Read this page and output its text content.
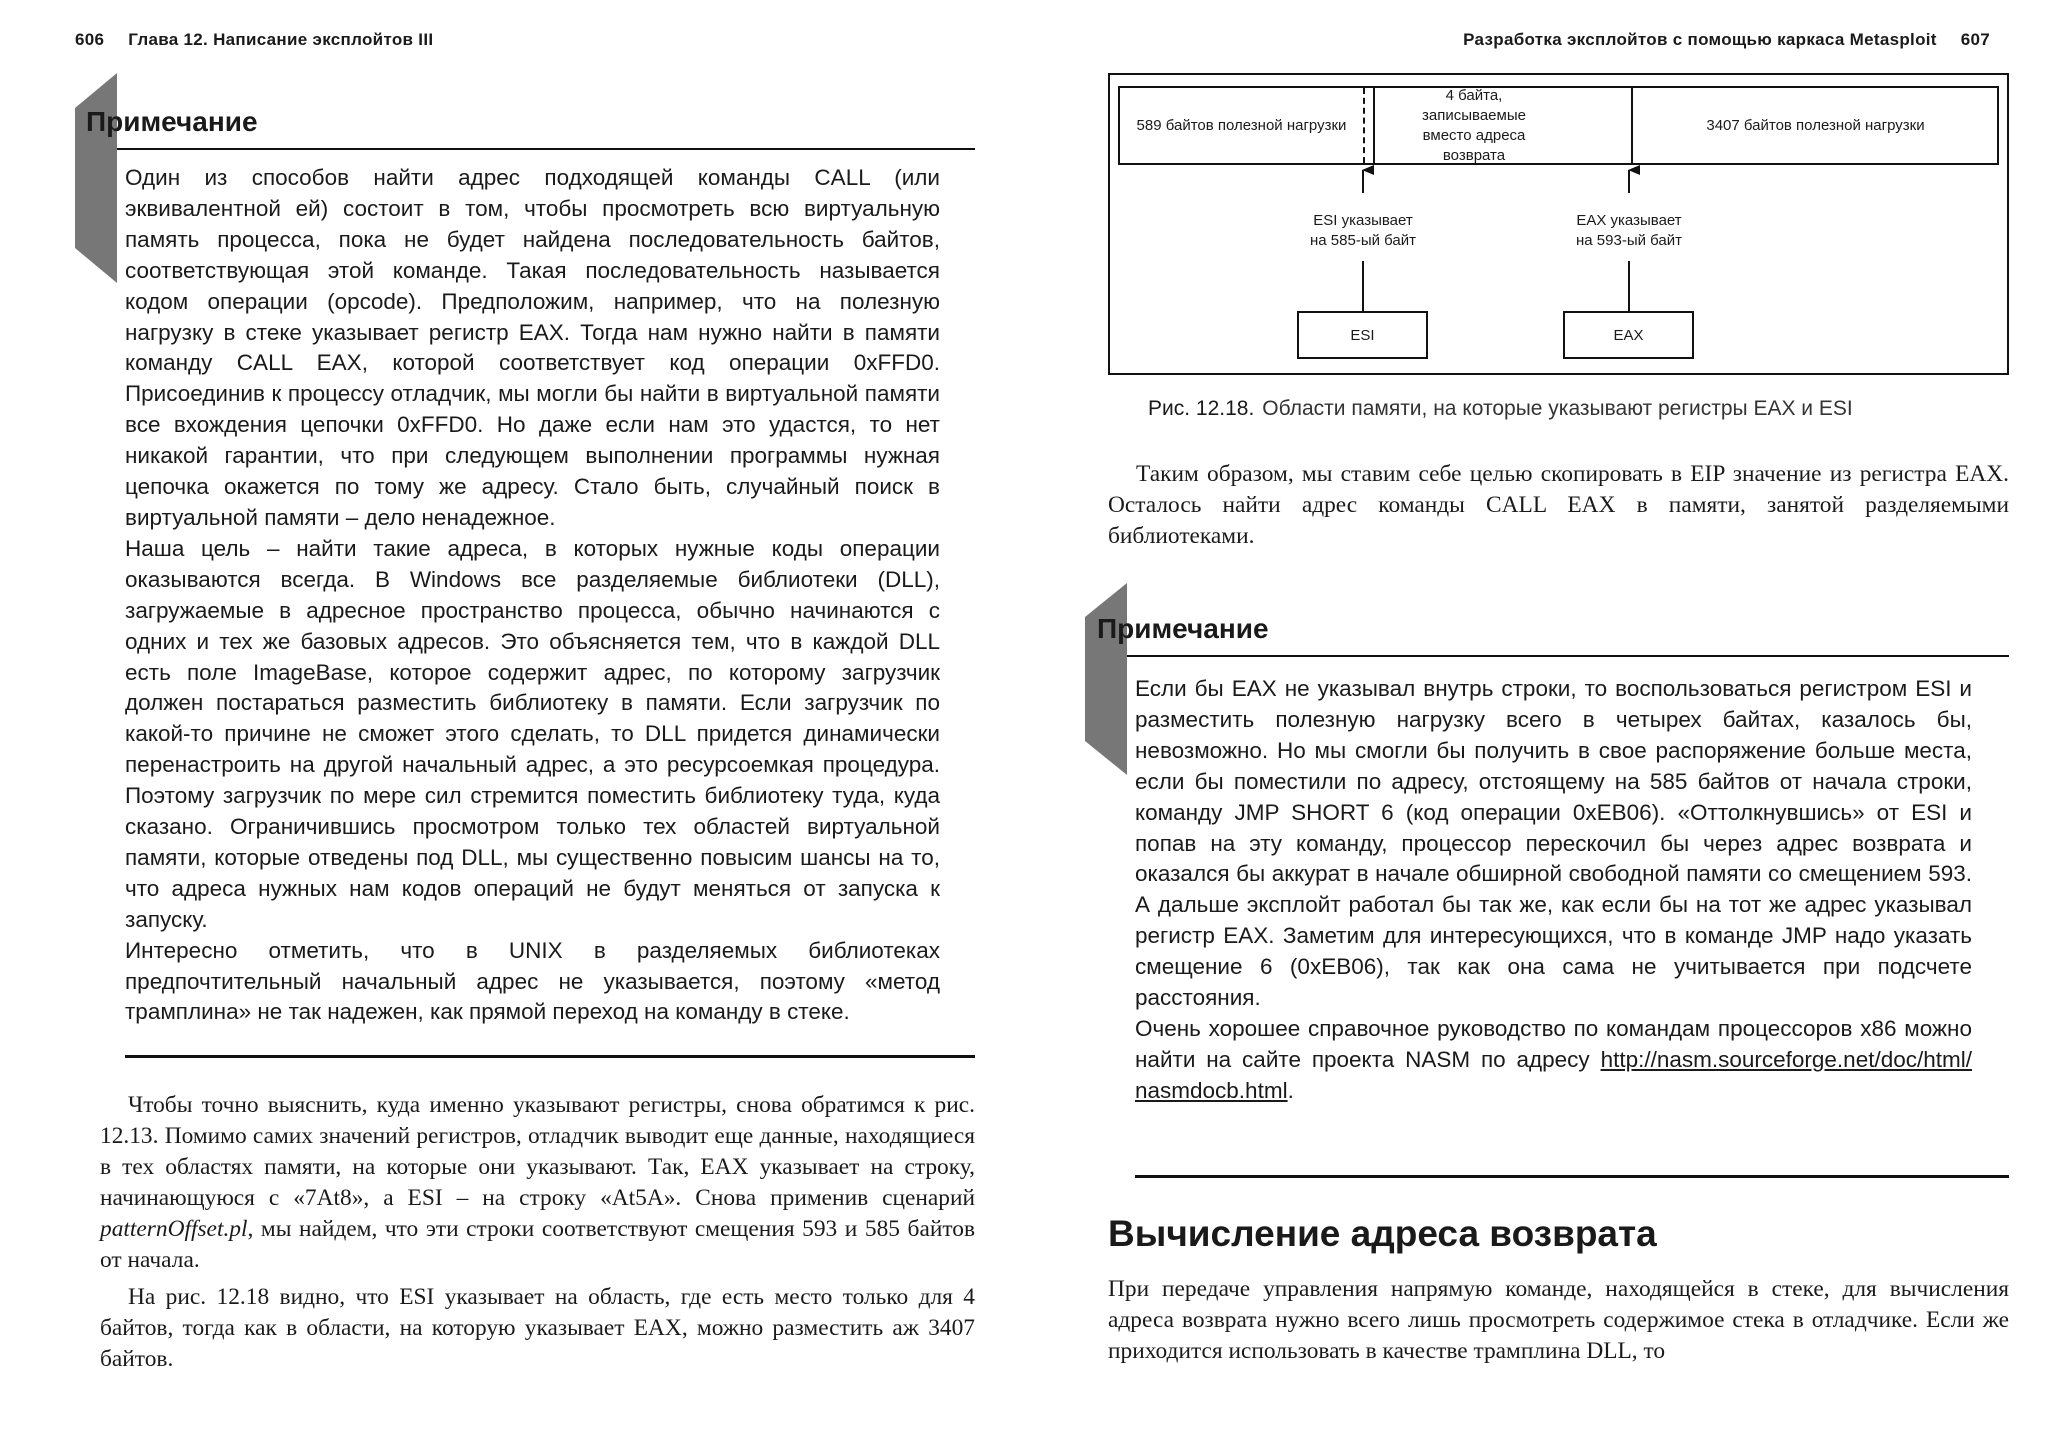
606 Глава 12. Написание эксплойтов III
Примечание

Один из способов найти адрес подходящей команды CALL (или эквивалентной ей) состоит в том, чтобы просмотреть всю виртуальную память процесса, пока не будет найдена последовательность байтов, соответствующая этой команде. Такая последовательность называется кодом операции (opcode). Предположим, например, что на полезную нагрузку в стеке указывает регистр EAX. Тогда нам нужно найти в памяти команду CALL EAX, которой соответствует код операции 0xFFD0. Присоединив к процессу отладчик, мы могли бы найти в виртуальной памяти все вхождения цепочки 0xFFD0. Но даже если нам это удастся, то нет никакой гарантии, что при следующем выполнении программы нужная цепочка окажется по тому же адресу. Стало быть, случайный поиск в виртуальной памяти – дело ненадежное.

Наша цель – найти такие адреса, в которых нужные коды операции оказываются всегда. В Windows все разделяемые библиотеки (DLL), загружаемые в адресное пространство процесса, обычно начинаются с одних и тех же базовых адресов. Это объясняется тем, что в каждой DLL есть поле ImageBase, которое содержит адрес, по которому загрузчик должен постараться разместить библиотеку в памяти. Если загрузчик по какой-то причине не сможет этого сделать, то DLL придется динамически перенастроить на другой начальный адрес, а это ресурсоемкая процедура. Поэтому загрузчик по мере сил стремится поместить библиотеку туда, куда сказано. Ограничившись просмотром только тех областей виртуальной памяти, которые отведены под DLL, мы существенно повысим шансы на то, что адреса нужных нам кодов операций не будут меняться от запуска к запуску.

Интересно отметить, что в UNIX в разделяемых библиотеках предпочтительный начальный адрес не указывается, поэтому «метод трамплина» не так надежен, как прямой переход на команду в стеке.

Чтобы точно выяснить, куда именно указывают регистры, снова обратимся к рис. 12.13. Помимо самих значений регистров, отладчик выводит еще данные, находящиеся в тех областях памяти, на которые они указывают. Так, EAX указывает на строку, начинающуюся с «7At8», а ESI – на строку «At5A». Снова применив сценарий patternOffset.pl, мы найдем, что эти строки соответствуют смещения 593 и 585 байтов от начала.

На рис. 12.18 видно, что ESI указывает на область, где есть место только для 4 байтов, тогда как в области, на которую указывает EAX, можно разместить аж 3407 байтов.

Разработка эксплойтов с помощью каркаса Metasploit 607
589 байтов полезной нагрузки
4 байта, записываемые вместо адреса возврата
3407 байтов полезной нагрузки
ESI указывает
на 585-ый байт
EAX указывает
на 593-ый байт
ESI	EAX
Рис. 12.18. Области памяти, на которые указывают регистры EAX и ESI

Таким образом, мы ставим себе целью скопировать в EIP значение из регистра EAX. Осталось найти адрес команды CALL EAX в памяти, занятой разделяемыми библиотеками.

Примечание

Если бы EAX не указывал внутрь строки, то воспользоваться регистром ESI и разместить полезную нагрузку всего в четырех байтах, казалось бы, невозможно. Но мы смогли бы получить в свое распоряжение больше места, если бы поместили по адресу, отстоящему на 585 байтов от начала строки, команду JMP SHORT 6 (код операции 0xEB06). «Оттолкнувшись» от ESI и попав на эту команду, процессор перескочил бы через адрес возврата и оказался бы аккурат в начале обширной свободной памяти со смещением 593. А дальше эксплойт работал бы так же, как если бы на тот же адрес указывал регистр EAX. Заметим для интересующихся, что в команде JMP надо указать смещение 6 (0xEB06), так как она сама не учитывается при подсчете расстояния.

Очень хорошее справочное руководство по командам процессоров x86 можно найти на сайте проекта NASM по адресу http://nasm.sourceforge.net/doc/html/ nasmdocb.html.

Вычисление адреса возврата

При передаче управления напрямую команде, находящейся в стеке, для вычисления адреса возврата нужно всего лишь просмотреть содержимое стека в отладчике. Если же приходится использовать в качестве трамплина DLL, то
